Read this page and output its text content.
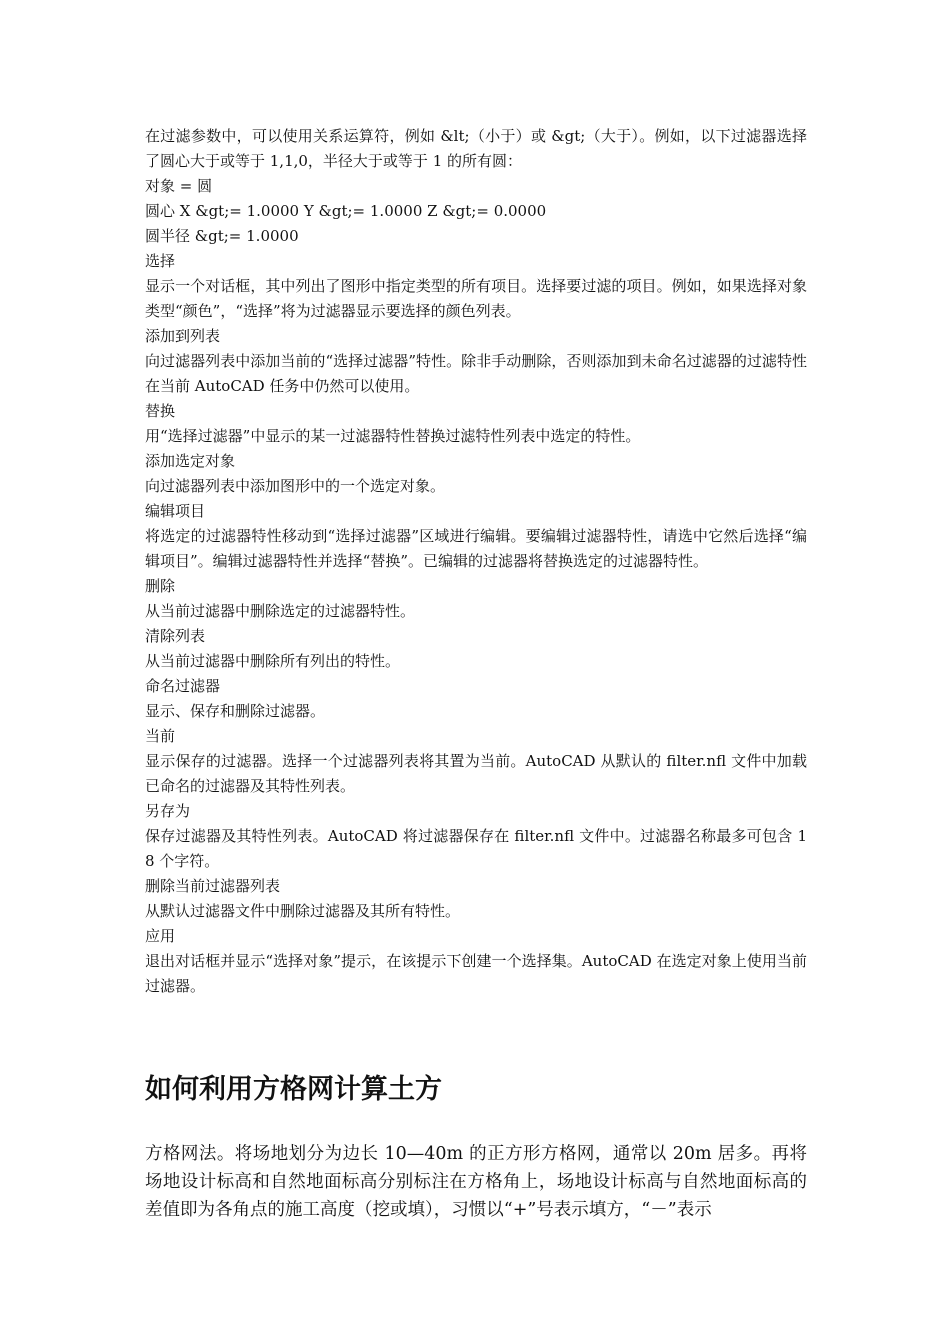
在过滤参数中，可以使用关系运算符，例如 &lt;（小于）或 &gt;（大于）。例如，以下过滤器选择了圆心大于或等于 1,1,0，半径大于或等于 1 的所有圆：

对象 = 圆

圆心 X &gt;= 1.0000 Y &gt;= 1.0000 Z &gt;= 0.0000

圆半径 &gt;= 1.0000

选择

显示一个对话框，其中列出了图形中指定类型的所有项目。选择要过滤的项目。例如，如果选择对象类型“颜色”，“选择”将为过滤器显示要选择的颜色列表。

添加到列表

向过滤器列表中添加当前的“选择过滤器”特性。除非手动删除，否则添加到未命名过滤器的过滤特性在当前 AutoCAD 任务中仍然可以使用。

替换

用“选择过滤器”中显示的某一过滤器特性替换过滤特性列表中选定的特性。

添加选定对象

向过滤器列表中添加图形中的一个选定对象。

编辑项目

将选定的过滤器特性移动到“选择过滤器”区域进行编辑。要编辑过滤器特性，请选中它然后选择“编辑项目”。编辑过滤器特性并选择“替换”。已编辑的过滤器将替换选定的过滤器特性。

删除

从当前过滤器中删除选定的过滤器特性。

清除列表

从当前过滤器中删除所有列出的特性。

命名过滤器

显示、保存和删除过滤器。

当前

显示保存的过滤器。选择一个过滤器列表将其置为当前。AutoCAD 从默认的 filter.nfl 文件中加载已命名的过滤器及其特性列表。

另存为

保存过滤器及其特性列表。AutoCAD 将过滤器保存在 filter.nfl 文件中。过滤器名称最多可包含 18 个字符。

删除当前过滤器列表

从默认过滤器文件中删除过滤器及其所有特性。

应用

退出对话框并显示“选择对象”提示，在该提示下创建一个选择集。AutoCAD 在选定对象上使用当前过滤器。

如何利用方格网计算土方

方格网法。将场地划分为边长 10—40m 的正方形方格网，通常以 20m 居多。再将场地设计标高和自然地面标高分别标注在方格角上，场地设计标高与自然地面标高的差值即为各角点的施工高度（挖或填），习惯以“+”号表示填方，“－”表示
